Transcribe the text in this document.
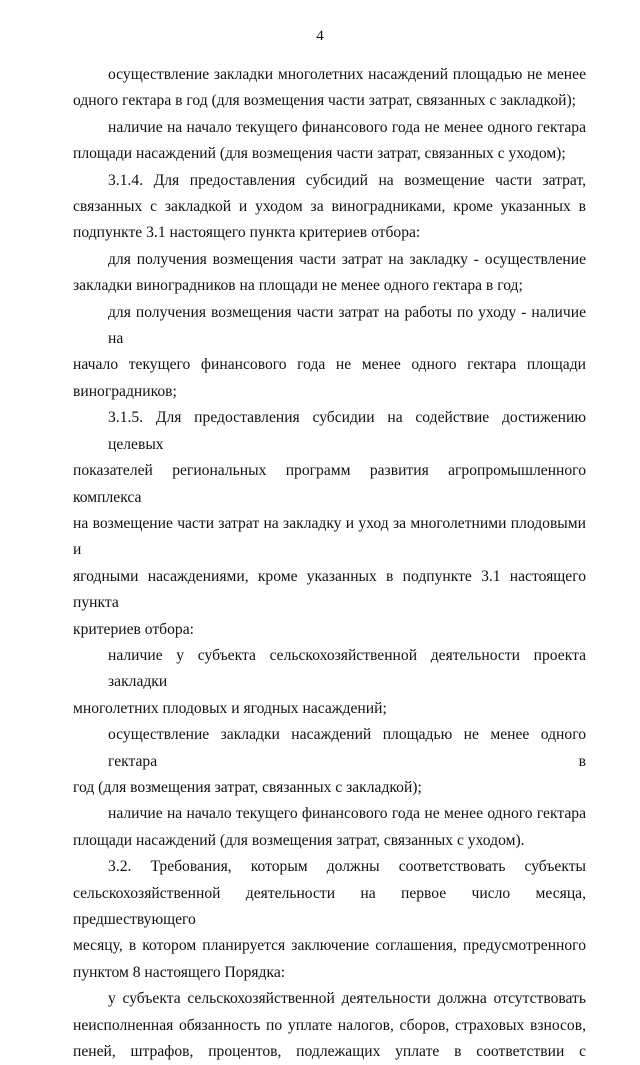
4
осуществление закладки многолетних насаждений площадью не менее
одного гектара в год (для возмещения части затрат, связанных с закладкой);
наличие на начало текущего финансового года не менее одного гектара
площади насаждений (для возмещения части затрат, связанных с уходом);
3.1.4. Для предоставления субсидий на возмещение части затрат,
связанных с закладкой и уходом за виноградниками, кроме указанных в
подпункте 3.1 настоящего пункта критериев отбора:
для получения возмещения части затрат на закладку - осуществление
закладки виноградников на площади не менее одного гектара в год;
для получения возмещения части затрат на работы по уходу - наличие на
начало текущего финансового года не менее одного гектара площади
виноградников;
3.1.5. Для предоставления субсидии на содействие достижению целевых
показателей региональных программ развития агропромышленного комплекса
на возмещение части затрат на закладку и уход за многолетними плодовыми и
ягодными насаждениями, кроме указанных в подпункте 3.1 настоящего пункта
критериев отбора:
наличие у субъекта сельскохозяйственной деятельности проекта закладки
многолетних плодовых и ягодных насаждений;
осуществление закладки насаждений площадью не менее одного гектара в
год (для возмещения затрат, связанных с закладкой);
наличие на начало текущего финансового года не менее одного гектара
площади насаждений (для возмещения затрат, связанных с уходом).
3.2. Требования, которым должны соответствовать субъекты
сельскохозяйственной деятельности на первое число месяца, предшествующего
месяцу, в котором планируется заключение соглашения, предусмотренного
пунктом 8 настоящего Порядка:
у субъекта сельскохозяйственной деятельности должна отсутствовать
неисполненная обязанность по уплате налогов, сборов, страховых взносов,
пеней, штрафов, процентов, подлежащих уплате в соответствии с
